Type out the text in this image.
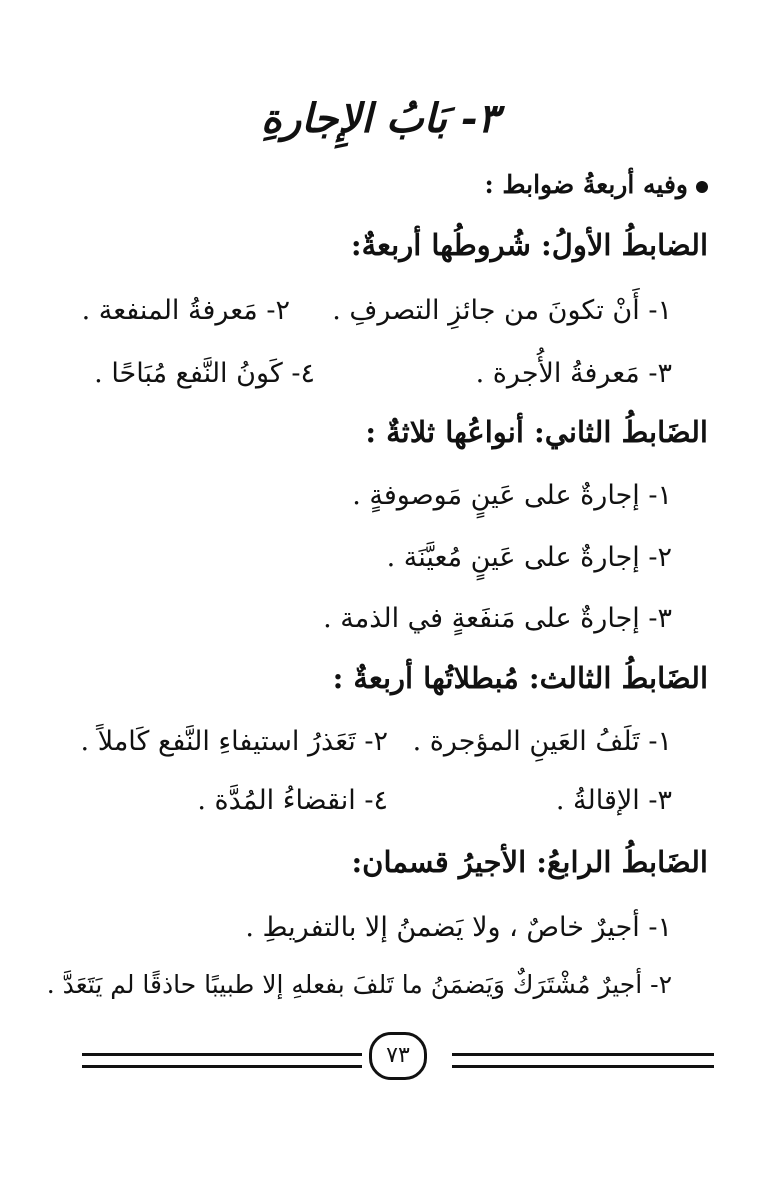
٣- بَابُ الإِجارةِ
وفيه أربعةُ ضوابط :
الضابطُ الأولُ: شُروطُها أربعةٌ:
١- أَنْ تكونَ من جائزِ التصرفِ .
٢- مَعرفةُ المنفعة .
٣- مَعرفةُ الأُجرة .
٤- كَونُ النَّفع مُبَاحًا .
الضَابطُ الثاني: أنواعُها ثلاثةٌ :
١- إجارةٌ على عَينٍ مَوصوفةٍ .
٢- إجارةٌ على عَينٍ مُعيَّنَة .
٣- إجارةٌ على مَنفَعةٍ في الذمة .
الضَابطُ الثالث: مُبطلاتُها أربعةٌ :
١- تَلَفُ العَينِ المؤجرة .
٢- تَعَذرُ استيفاءِ النَّفع كَاملاً .
٣- الإقالةُ .
٤- انقضاءُ المُدَّة .
الضَابطُ الرابعُ: الأجيرُ قسمان:
١- أجيرٌ خاصٌ ، ولا يَضمنُ إلا بالتفريطِ .
٢- أجيرٌ مُشْتَرَكٌ وَيَضمَنُ ما تَلفَ بفعلهِ إلا طبيبًا حاذقًا لم يَتَعَدَّ .
٧٣
